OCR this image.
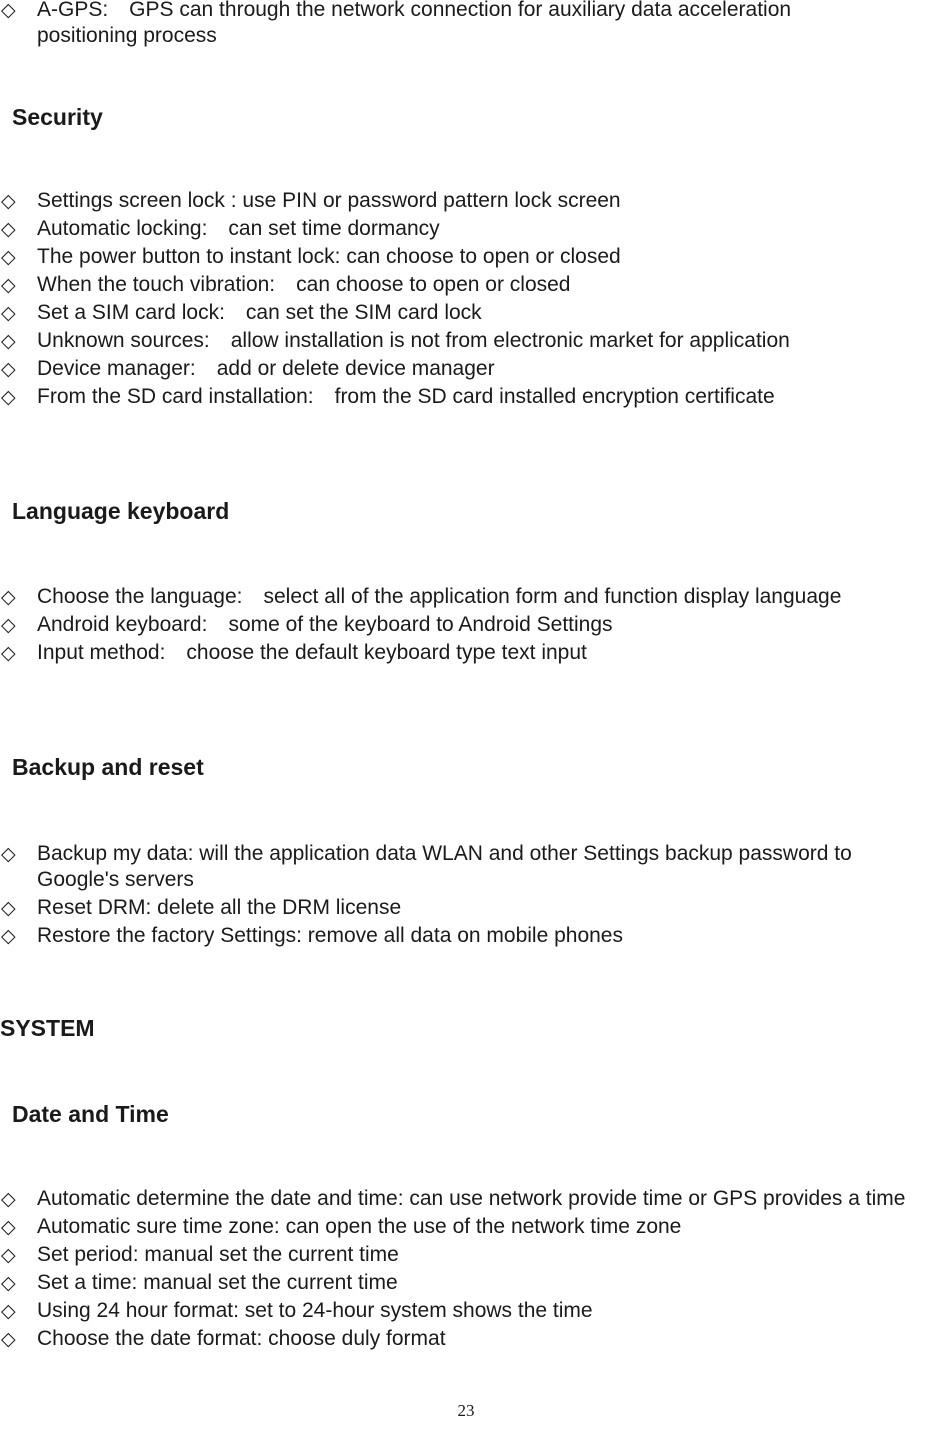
◇ A-GPS:　GPS can through the network connection for auxiliary data acceleration positioning process
Security
◇ Settings screen lock : use PIN or password pattern lock screen
◇ Automatic locking:　can set time dormancy
◇ The power button to instant lock: can choose to open or closed
◇ When the touch vibration:　can choose to open or closed
◇ Set a SIM card lock:　can set the SIM card lock
◇ Unknown sources:　allow installation is not from electronic market for application
◇ Device manager:　add or delete device manager
◇ From the SD card installation:　from the SD card installed encryption certificate
Language keyboard
◇ Choose the language:　select all of the application form and function display language
◇ Android keyboard:　some of the keyboard to Android Settings
◇ Input method:　choose the default keyboard type text input
Backup and reset
◇ Backup my data: will the application data WLAN and other Settings backup password to Google's servers
◇ Reset DRM: delete all the DRM license
◇ Restore the factory Settings: remove all data on mobile phones
SYSTEM
Date and Time
◇ Automatic determine the date and time: can use network provide time or GPS provides a time
◇ Automatic sure time zone: can open the use of the network time zone
◇ Set period: manual set the current time
◇ Set a time: manual set the current time
◇ Using 24 hour format: set to 24-hour system shows the time
◇ Choose the date format: choose duly format
23
